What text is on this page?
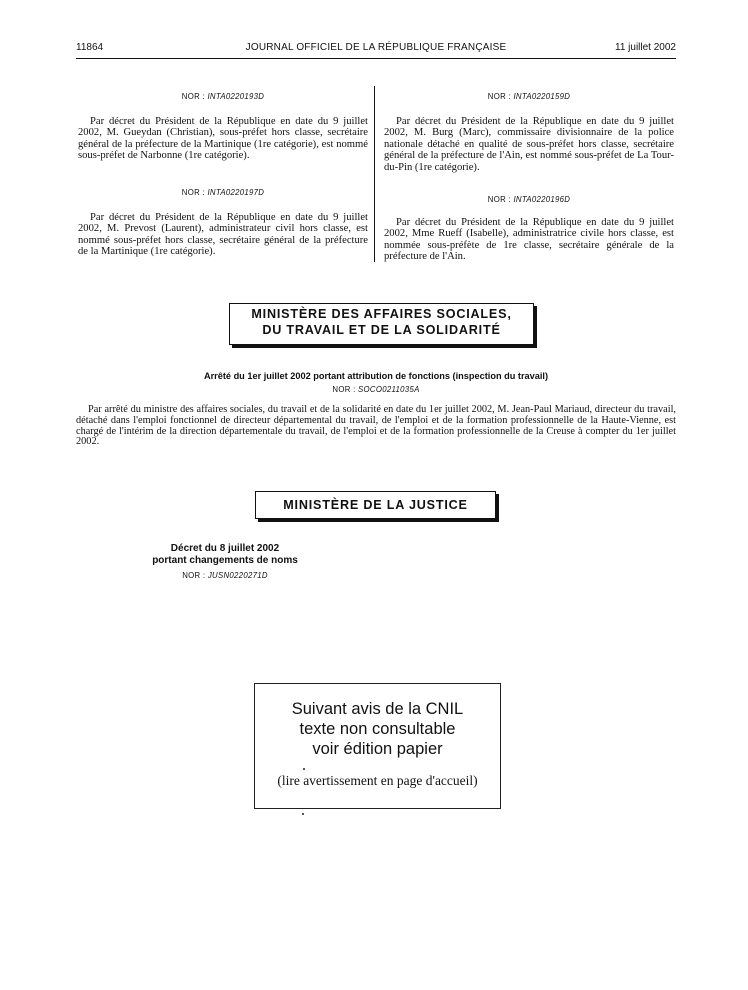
11864	JOURNAL OFFICIEL DE LA RÉPUBLIQUE FRANÇAISE	11 juillet 2002
NOR : INTA0220193D

Par décret du Président de la République en date du 9 juillet 2002, M. Gueydan (Christian), sous-préfet hors classe, secrétaire général de la préfecture de la Martinique (1re catégorie), est nommé sous-préfet de Narbonne (1re catégorie).

NOR : INTA0220197D

Par décret du Président de la République en date du 9 juillet 2002, M. Prevost (Laurent), administrateur civil hors classe, est nommé sous-préfet hors classe, secrétaire général de la préfecture de la Martinique (1re catégorie).

NOR : INTA0220159D

Par décret du Président de la République en date du 9 juillet 2002, M. Burg (Marc), commissaire divisionnaire de la police nationale détaché en qualité de sous-préfet hors classe, secrétaire général de la préfecture de l'Ain, est nommé sous-préfet de La Tour-du-Pin (1re catégorie).

NOR : INTA0220196D

Par décret du Président de la République en date du 9 juillet 2002, Mme Rueff (Isabelle), administratrice civile hors classe, est nommée sous-préfète de 1re classe, secrétaire générale de la préfecture de l'Ain.

MINISTÈRE DES AFFAIRES SOCIALES,
DU TRAVAIL ET DE LA SOLIDARITÉ
Arrêté du 1er juillet 2002 portant attribution de fonctions (inspection du travail)
NOR : SOCO0211035A

Par arrêté du ministre des affaires sociales, du travail et de la solidarité en date du 1er juillet 2002, M. Jean-Paul Mariaud, directeur du travail, détaché dans l'emploi fonctionnel de directeur départemental du travail, de l'emploi et de la formation professionnelle de la Haute-Vienne, est chargé de l'intérim de la direction départementale du travail, de l'emploi et de la formation professionnelle de la Creuse à compter du 1er juillet 2002.

MINISTÈRE DE LA JUSTICE
Décret du 8 juillet 2002
portant changements de noms
NOR : JUSN0220271D
Suivant avis de la CNIL
texte non consultable
voir édition papier
(lire avertissement en page d'accueil)
